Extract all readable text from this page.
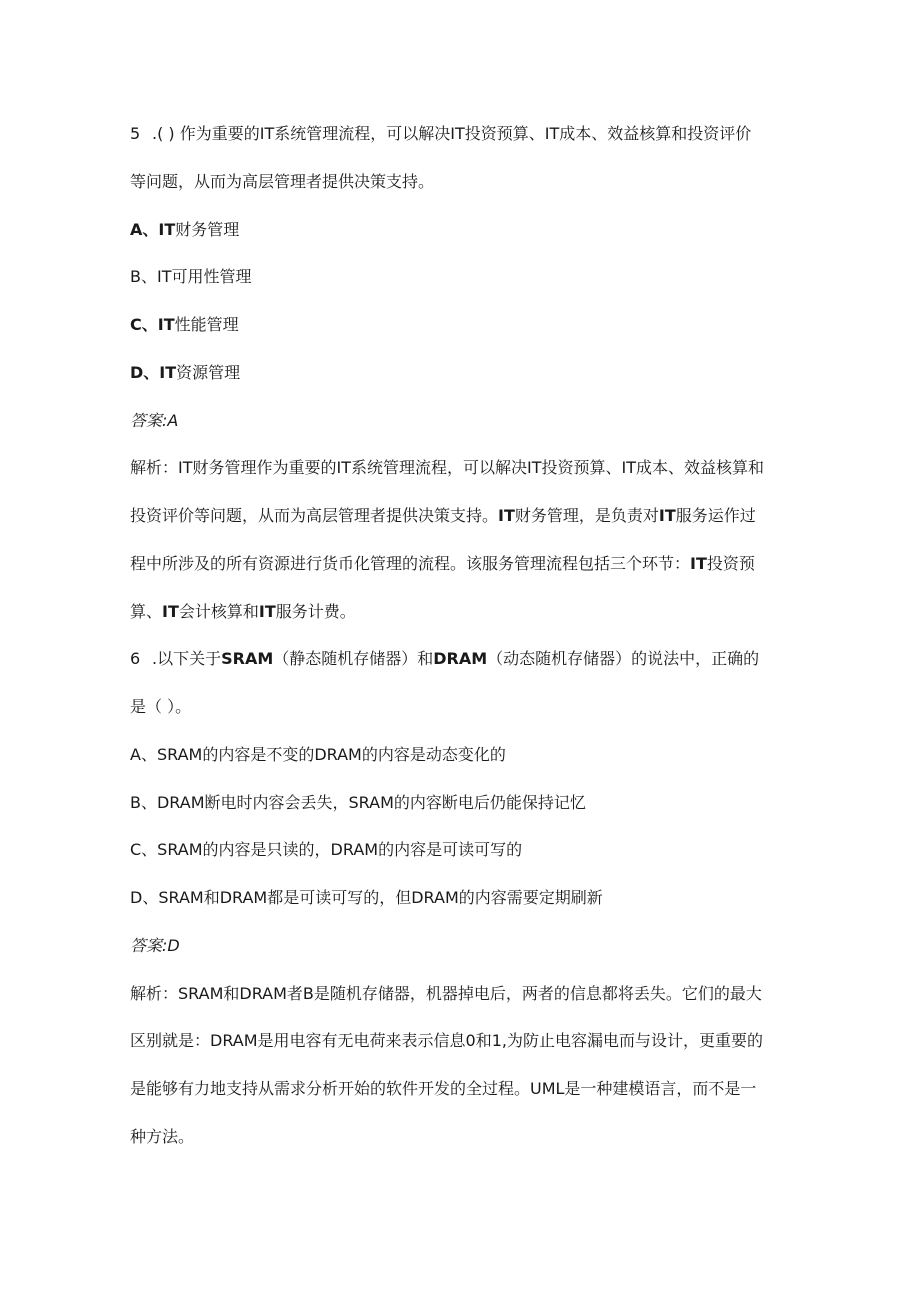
5 .( ) 作为重要的IT系统管理流程，可以解决IT投资预算、IT成本、效益核算和投资评价
等问题，从而为高层管理者提供决策支持。
A、IT财务管理
B、IT可用性管理
C、IT性能管理
D、IT资源管理
答案:A
解析：IT财务管理作为重要的IT系统管理流程，可以解决IT投资预算、IT成本、效益核算和
投资评价等问题，从而为高层管理者提供决策支持。IT财务管理，是负责对IT服务运作过
程中所涉及的所有资源进行货币化管理的流程。该服务管理流程包括三个环节：IT投资预
算、IT会计核算和IT服务计费。
6 .以下关于SRAM（静态随机存储器）和DRAM（动态随机存储器）的说法中，正确的
是（ ）。
A、SRAM的内容是不变的DRAM的内容是动态变化的
B、DRAM断电时内容会丢失，SRAM的内容断电后仍能保持记忆
C、SRAM的内容是只读的，DRAM的内容是可读可写的
D、SRAM和DRAM都是可读可写的，但DRAM的内容需要定期刷新
答案:D
解析：SRAM和DRAM者B是随机存储器，机器掉电后，两者的信息都将丢失。它们的最大
区别就是：DRAM是用电容有无电荷来表示信息0和1,为防止电容漏电而与设计，更重要的
是能够有力地支持从需求分析开始的软件开发的全过程。UML是一种建模语言，而不是一
种方法。
